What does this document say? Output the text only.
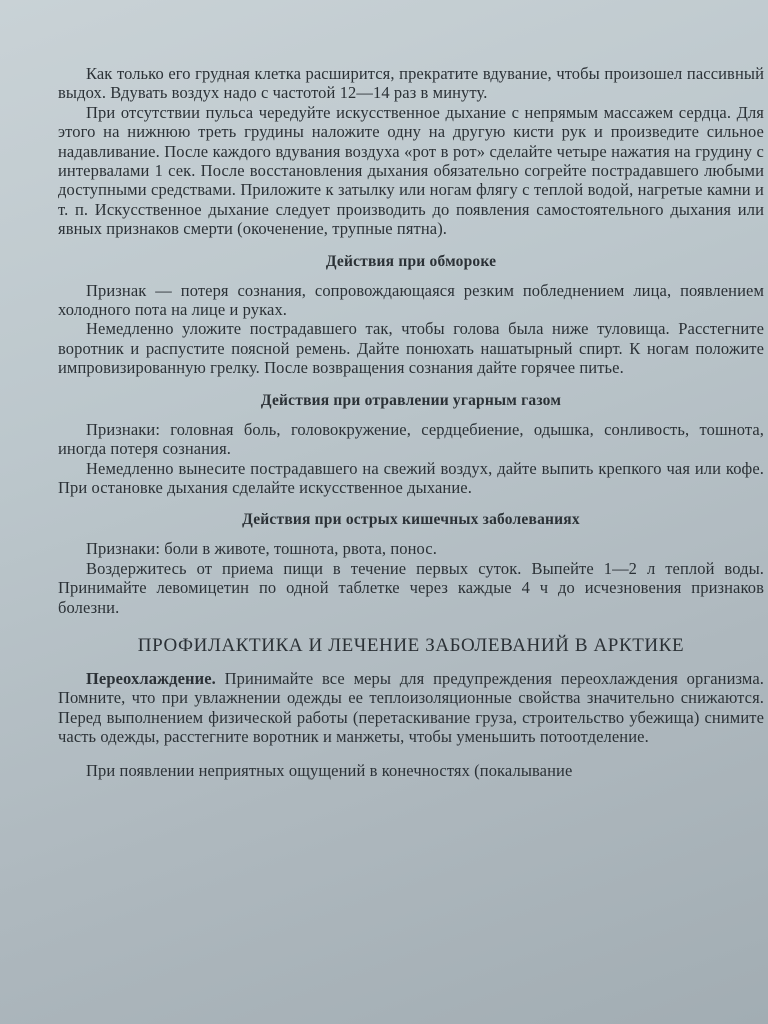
Как только его грудная клетка расширится, прекратите вдувание, чтобы произошел пассивный выдох. Вдувать воздух надо с частотой 12—14 раз в минуту.

При отсутствии пульса чередуйте искусственное дыхание с непрямым массажем сердца. Для этого на нижнюю треть грудины наложите одну на другую кисти рук и произведите сильное надавливание. После каждого вдувания воздуха «рот в рот» сделайте четыре нажатия на грудину с интервалами 1 сек. После восстановления дыхания обязательно согрейте пострадавшего любыми доступными средствами. Приложите к затылку или ногам флягу с теплой водой, нагретые камни и т. п. Искусственное дыхание следует производить до появления самостоятельного дыхания или явных признаков смерти (окоченение, трупные пятна).

Действия при обмороке

Признак — потеря сознания, сопровождающаяся резким побледнением лица, появлением холодного пота на лице и руках.

Немедленно уложите пострадавшего так, чтобы голова была ниже туловища. Расстегните воротник и распустите поясной ремень. Дайте понюхать нашатырный спирт. К ногам положите импровизированную грелку. После возвращения сознания дайте горячее питье.

Действия при отравлении угарным газом

Признаки: головная боль, головокружение, сердцебиение, одышка, сонливость, тошнота, иногда потеря сознания.

Немедленно вынесите пострадавшего на свежий воздух, дайте выпить крепкого чая или кофе. При остановке дыхания сделайте искусственное дыхание.

Действия при острых кишечных заболеваниях

Признаки: боли в животе, тошнота, рвота, понос.

Воздержитесь от приема пищи в течение первых суток. Выпейте 1—2 л теплой воды. Принимайте левомицетин по одной таблетке через каждые 4 ч до исчезновения признаков болезни.

ПРОФИЛАКТИКА И ЛЕЧЕНИЕ ЗАБОЛЕВАНИЙ В АРКТИКЕ

Переохлаждение. Принимайте все меры для предупреждения переохлаждения организма. Помните, что при увлажнении одежды ее теплоизоляционные свойства значительно снижаются. Перед выполнением физической работы (перетаскивание груза, строительство убежища) снимите часть одежды, расстегните воротник и манжеты, чтобы уменьшить потоотделение.

При появлении неприятных ощущений в конечностях (покалывание
